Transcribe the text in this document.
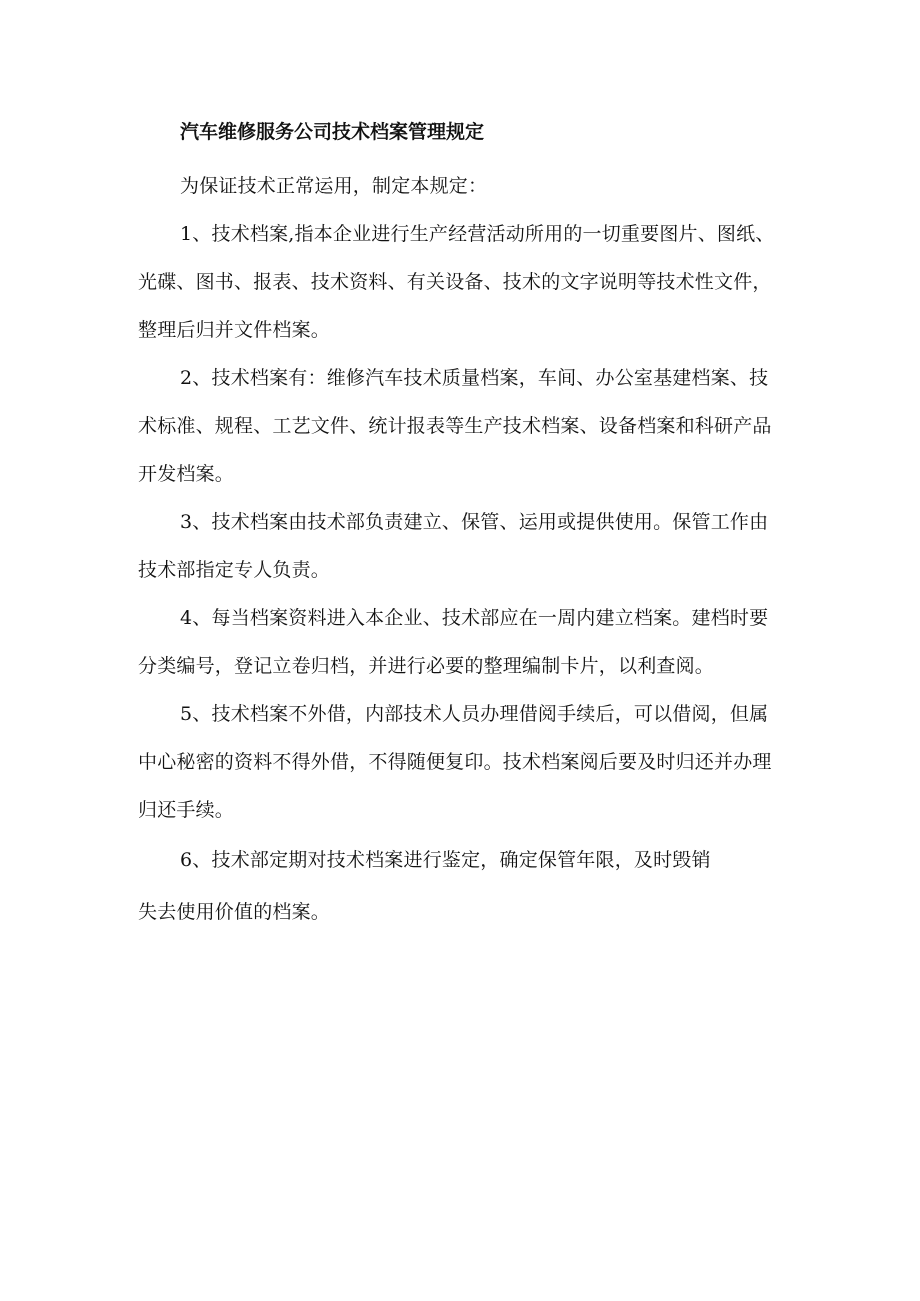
汽车维修服务公司技术档案管理规定

为保证技术正常运用，制定本规定：

1、技术档案,指本企业进行生产经营活动所用的一切重要图片、图纸、光碟、图书、报表、技术资料、有关设备、技术的文字说明等技术性文件，整理后归并文件档案。

2、技术档案有：维修汽车技术质量档案，车间、办公室基建档案、技术标准、规程、工艺文件、统计报表等生产技术档案、设备档案和科研产品开发档案。

3、技术档案由技术部负责建立、保管、运用或提供使用。保管工作由技术部指定专人负责。

4、每当档案资料进入本企业、技术部应在一周内建立档案。建档时要分类编号，登记立卷归档，并进行必要的整理编制卡片，以利查阅。

5、技术档案不外借，内部技术人员办理借阅手续后，可以借阅，但属中心秘密的资料不得外借，不得随便复印。技术档案阅后要及时归还并办理归还手续。

6、技术部定期对技术档案进行鉴定，确定保管年限，及时毁销
失去使用价值的档案。
